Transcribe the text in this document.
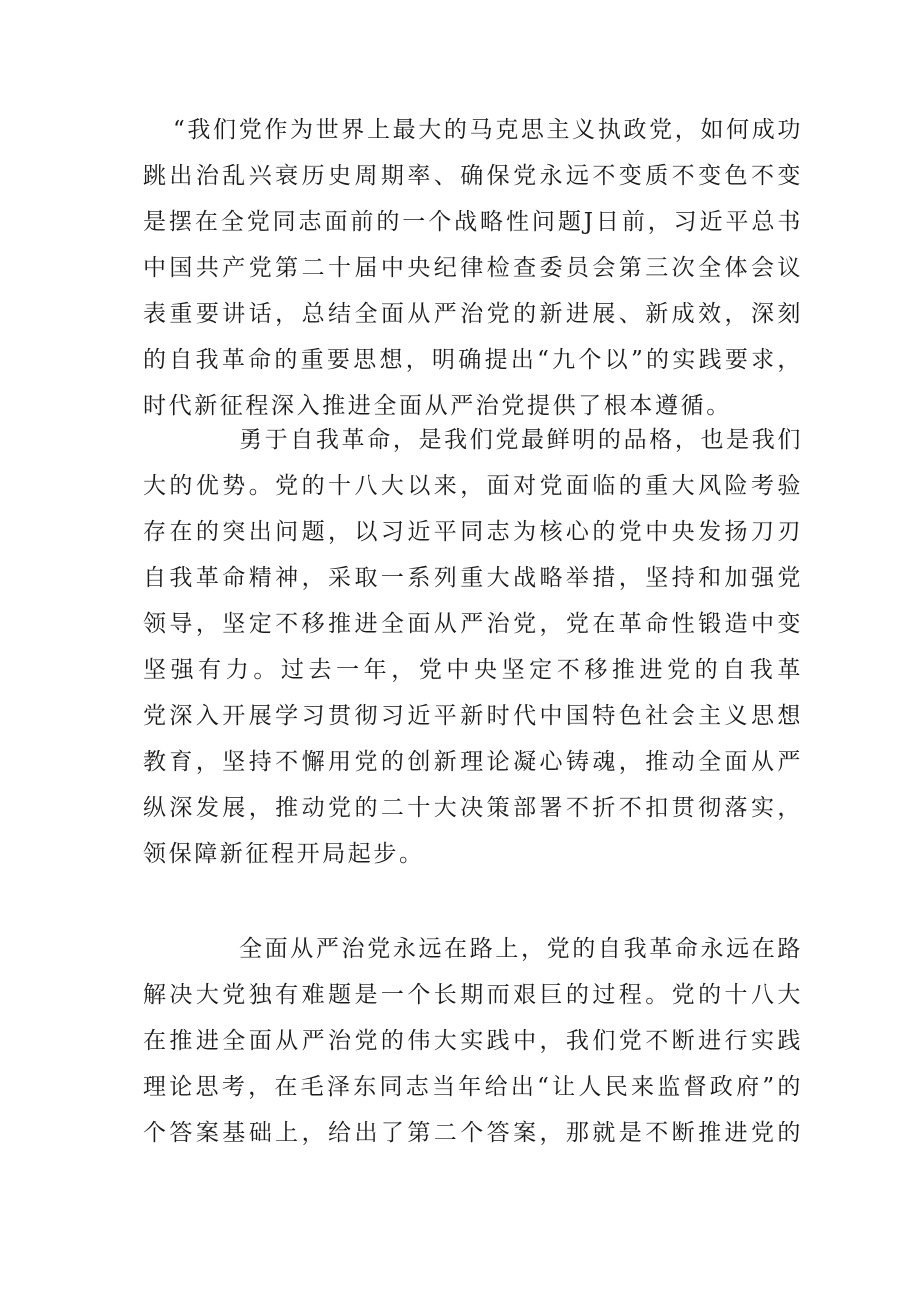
“我们党作为世界上最大的马克思主义执政党，如何成功
跳出治乱兴衰历史周期率、确保党永远不变质不变色不变
是摆在全党同志面前的一个战略性问题J日前，习近平总书
中国共产党第二十届中央纪律检查委员会第三次全体会议
表重要讲话，总结全面从严治党的新进展、新成效，深刻
的自我革命的重要思想，明确提出“九个以”的实践要求，
时代新征程深入推进全面从严治党提供了根本遵循。
勇于自我革命，是我们党最鲜明的品格，也是我们
大的优势。党的十八大以来，面对党面临的重大风险考验
存在的突出问题，以习近平同志为核心的党中央发扬刀刃
自我革命精神，采取一系列重大战略举措，坚持和加强党
领导，坚定不移推进全面从严治党，党在革命性锻造中变
坚强有力。过去一年，党中央坚定不移推进党的自我革
党深入开展学习贯彻习近平新时代中国特色社会主义思想
教育，坚持不懈用党的创新理论凝心铸魂，推动全面从严
纵深发展，推动党的二十大决策部署不折不扣贯彻落实，
领保障新征程开局起步。
全面从严治党永远在路上，党的自我革命永远在路
解决大党独有难题是一个长期而艰巨的过程。党的十八大
在推进全面从严治党的伟大实践中，我们党不断进行实践
理论思考，在毛泽东同志当年给出“让人民来监督政府”的
个答案基础上，给出了第二个答案，那就是不断推进党的
